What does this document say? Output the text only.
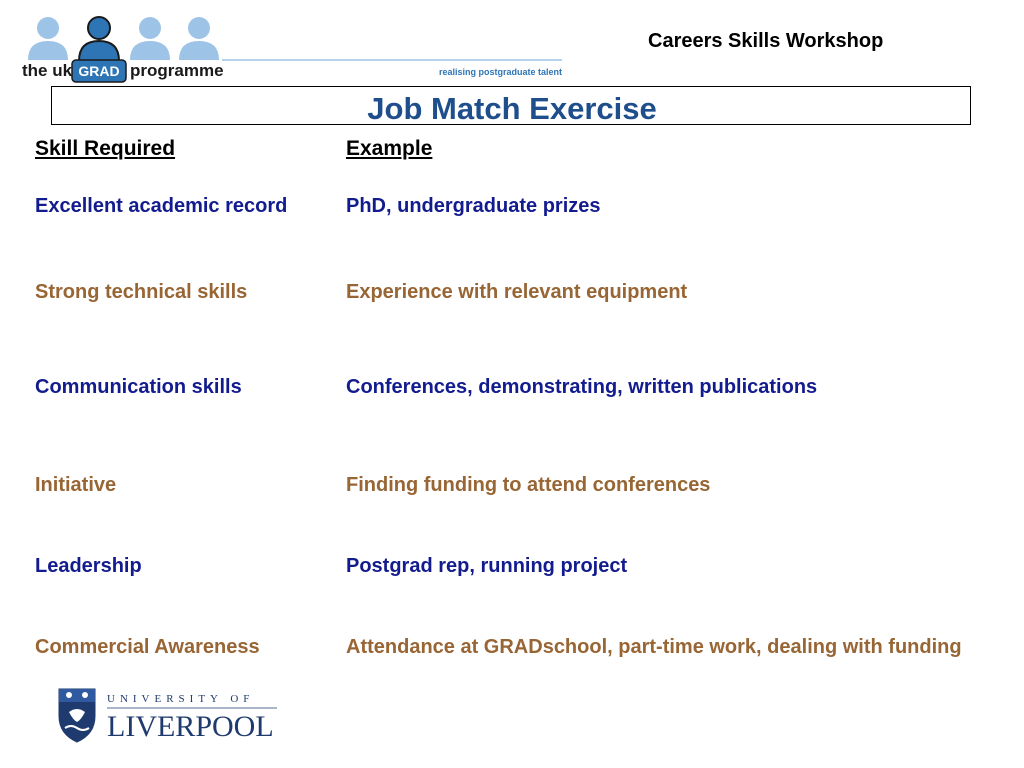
the uk GRAD programme	realising postgraduate talent
Careers Skills Workshop
Job Match Exercise
Skill Required	Example
Excellent academic record	PhD, undergraduate prizes
Strong technical skills	Experience with relevant equipment
Communication skills	Conferences, demonstrating, written publications
Initiative	Finding funding to attend conferences
Leadership	Postgrad rep, running project
Commercial Awareness	Attendance at GRADschool, part-time work, dealing with funding
UNIVERSITY OF
LIVERPOOL
